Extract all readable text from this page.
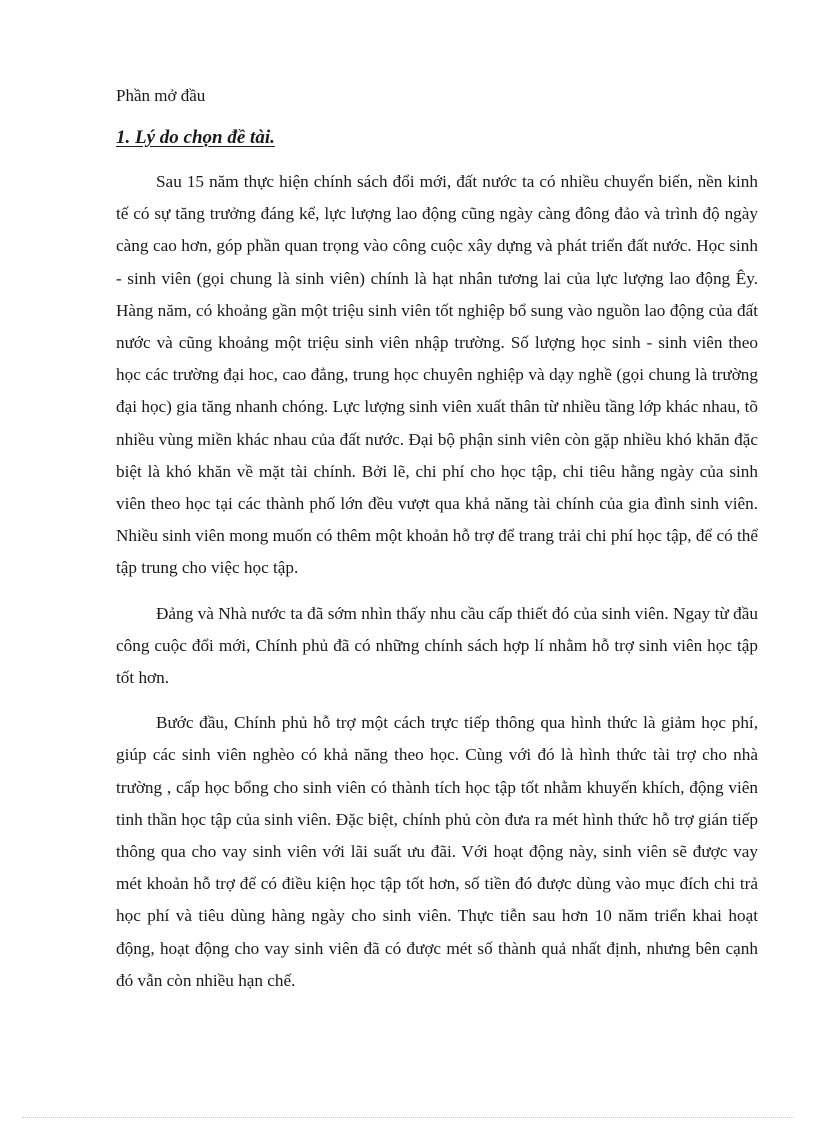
Phần mở đầu

1. Lý do chọn đề tài.

Sau 15 năm thực hiện chính sách đổi mới, đất nước ta có nhiều chuyển biến, nền kinh tế có sự tăng trưởng đáng kể, lực lượng lao động cũng ngày càng đông đảo và trình độ ngày càng cao hơn, góp phần quan trọng vào công cuộc xây dựng và phát triển đất nước. Học sinh - sinh viên (gọi chung là sinh viên) chính là hạt nhân tương lai của lực lượng lao động Êy. Hàng năm, có khoảng gần một triệu sinh viên tốt nghiệp bổ sung vào nguồn lao động của đất nước và cũng khoảng một triệu sinh viên nhập trường. Số lượng học sinh - sinh viên theo học các trường đại hoc, cao đẳng, trung học chuyên nghiệp và dạy nghề (gọi chung là trường đại học) gia tăng nhanh chóng. Lực lượng sinh viên xuất thân từ nhiều tầng lớp khác nhau, tõ nhiều vùng miền khác nhau của đất nước. Đại bộ phận sinh viên còn gặp nhiều khó khăn đặc biệt là khó khăn về mặt tài chính. Bởi lẽ, chi phí cho học tập, chi tiêu hằng ngày của sinh viên theo học tại các thành phố lớn đều vượt qua khả năng tài chính của gia đình sinh viên. Nhiều sinh viên mong muốn có thêm một khoản hỗ trợ để trang trải chi phí học tập, để có thể tập trung cho việc học tập.

Đảng và Nhà nước ta đã sớm nhìn thấy nhu cầu cấp thiết đó của sinh viên. Ngay từ đầu công cuộc đổi mới, Chính phủ đã có những chính sách hợp lí nhằm hỗ trợ sinh viên học tập tốt hơn.

Bước đầu, Chính phủ hỗ trợ một cách trực tiếp thông qua hình thức là giảm học phí, giúp các sinh viên nghèo có khả năng theo học. Cùng với đó là hình thức tài trợ cho nhà trường , cấp học bổng cho sinh viên có thành tích học tập tốt nhằm khuyến khích, động viên tinh thần học tập của sinh viên. Đặc biệt, chính phủ còn đưa ra mét hình thức hỗ trợ gián tiếp thông qua cho vay sinh viên với lãi suất ưu đãi. Với hoạt động này, sinh viên sẽ được vay mét khoản hỗ trợ để có điều kiện học tập tốt hơn, số tiền đó được dùng vào mục đích chi trả học phí và tiêu dùng hàng ngày cho sinh viên. Thực tiễn sau hơn 10 năm triển khai hoạt động, hoạt động cho vay sinh viên đã có được mét số thành quả nhất định, nhưng bên cạnh đó vẫn còn nhiều hạn chế.
